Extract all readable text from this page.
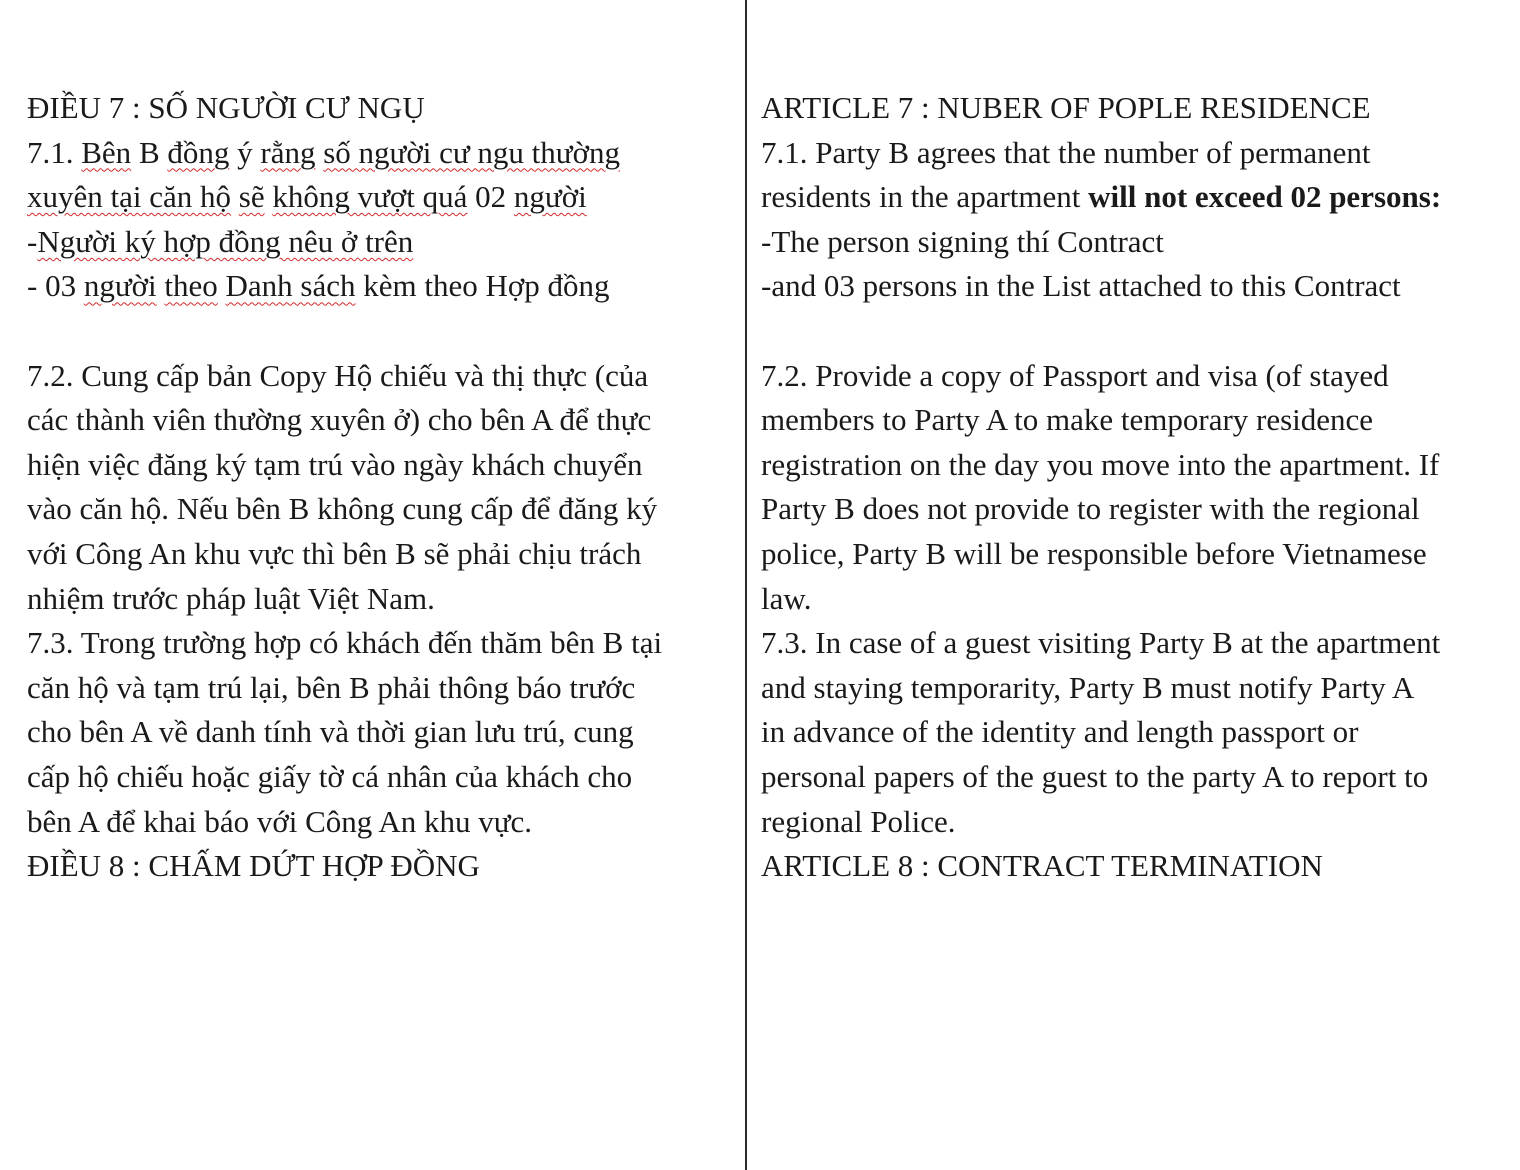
ĐIỀU 7 : SỐ NGƯỜI CƯ NGỤ
7.1. Bên B đồng ý rằng số người cư ngu thường
xuyên tại căn hộ sẽ không vượt quá 02 người
-Người ký hợp đồng nêu ở trên
- 03 người theo Danh sách kèm theo Hợp đồng
7.2. Cung cấp bản Copy Hộ chiếu và thị thực (của
các thành viên thường xuyên ở) cho bên A để thực
hiện việc đăng ký tạm trú vào ngày khách chuyển
vào căn hộ. Nếu bên B không cung cấp để đăng ký
với Công An khu vực thì bên B sẽ phải chịu trách
nhiệm trước pháp luật Việt Nam.
7.3. Trong trường hợp có khách đến thăm bên B tại
căn hộ và tạm trú lại, bên B phải thông báo trước
cho bên A về danh tính và thời gian lưu trú, cung
cấp hộ chiếu hoặc giấy tờ cá nhân của khách cho
bên A để khai báo với Công An khu vực.
ĐIỀU 8 : CHẤM DỨT HỢP ĐỒNG
ARTICLE 7 : NUBER OF POPLE RESIDENCE
7.1. Party B agrees that the number of permanent
residents in the apartment will not exceed 02 persons:
-The person signing thí Contract
-and 03 persons in the List attached to this Contract
7.2. Provide a copy of Passport and visa (of stayed
members to Party A to make temporary residence
registration on the day you move into the apartment. If
Party B does not provide to register with the regional
police, Party B will be responsible before Vietnamese
law.
7.3. In case of a guest visiting Party B at the apartment
and staying temporarity, Party B must notify Party A
in advance of the identity and length passport or
personal papers of the guest to the party A to report to
regional Police.
ARTICLE 8 : CONTRACT TERMINATION
